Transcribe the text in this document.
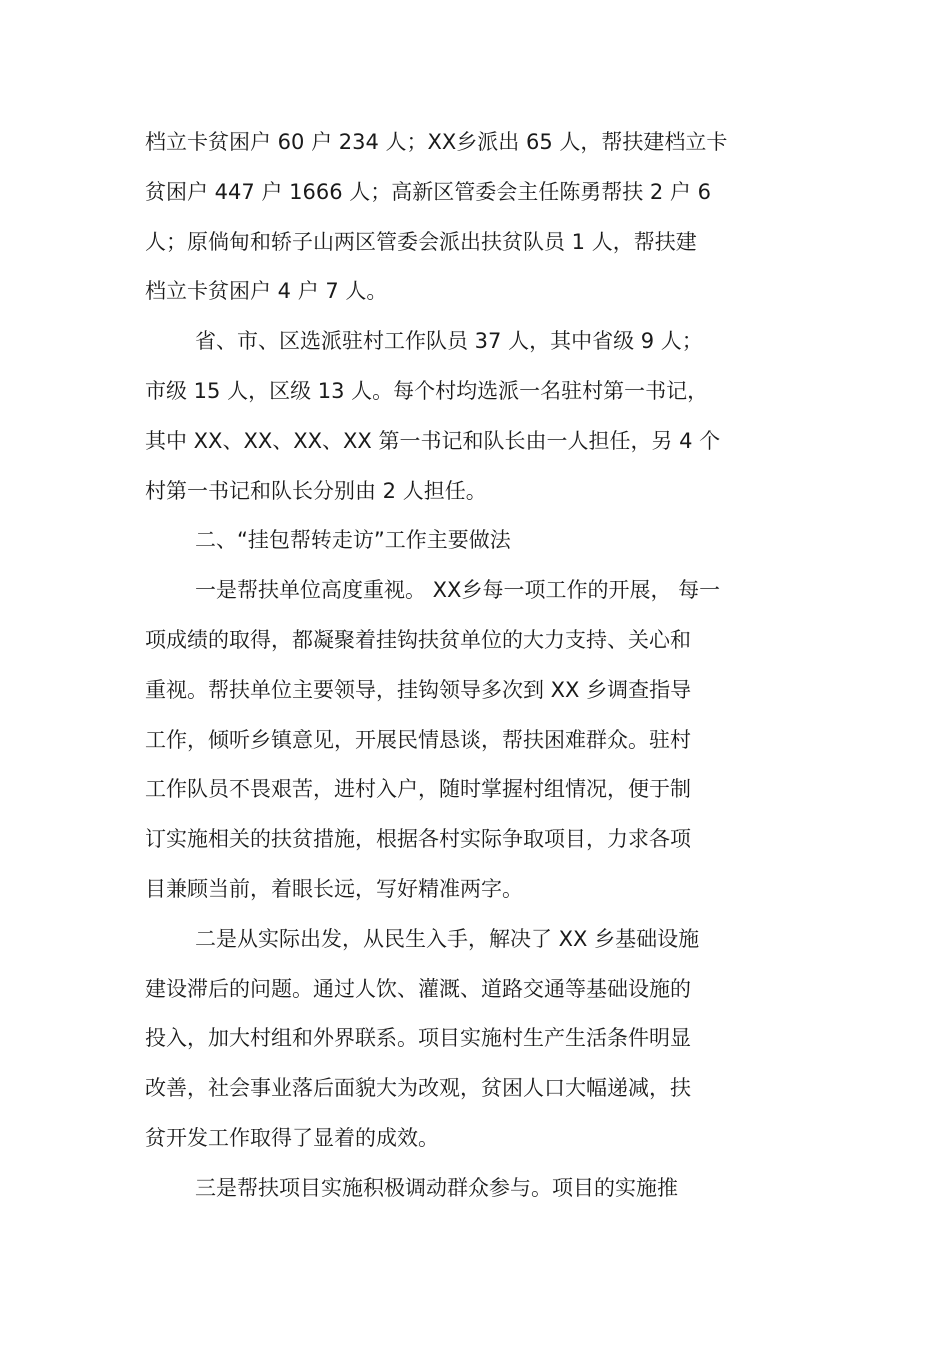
档立卡贫困户 60 户 234 人；XX乡派出 65 人，帮扶建档立卡

贫困户 447 户 1666 人；高新区管委会主任陈勇帮扶 2 户 6

人；原倘甸和轿子山两区管委会派出扶贫队员 1 人，帮扶建

档立卡贫困户 4 户 7 人。

省、市、区选派驻村工作队员 37 人，其中省级 9 人；

市级 15 人，区级 13 人。每个村均选派一名驻村第一书记，

其中 XX、XX、XX、XX 第一书记和队长由一人担任，另 4 个

村第一书记和队长分别由 2 人担任。

二、“挂包帮转走访”工作主要做法

一是帮扶单位高度重视。 XX乡每一项工作的开展， 每一

项成绩的取得，都凝聚着挂钩扶贫单位的大力支持、关心和

重视。帮扶单位主要领导，挂钩领导多次到 XX 乡调查指导

工作，倾听乡镇意见，开展民情恳谈，帮扶困难群众。驻村

工作队员不畏艰苦，进村入户，随时掌握村组情况，便于制

订实施相关的扶贫措施，根据各村实际争取项目，力求各项

目兼顾当前，着眼长远，写好精准两字。

二是从实际出发，从民生入手，解决了 XX 乡基础设施

建设滞后的问题。通过人饮、灌溉、道路交通等基础设施的

投入，加大村组和外界联系。项目实施村生产生活条件明显

改善，社会事业落后面貌大为改观，贫困人口大幅递减，扶

贫开发工作取得了显着的成效。

三是帮扶项目实施积极调动群众参与。项目的实施推
